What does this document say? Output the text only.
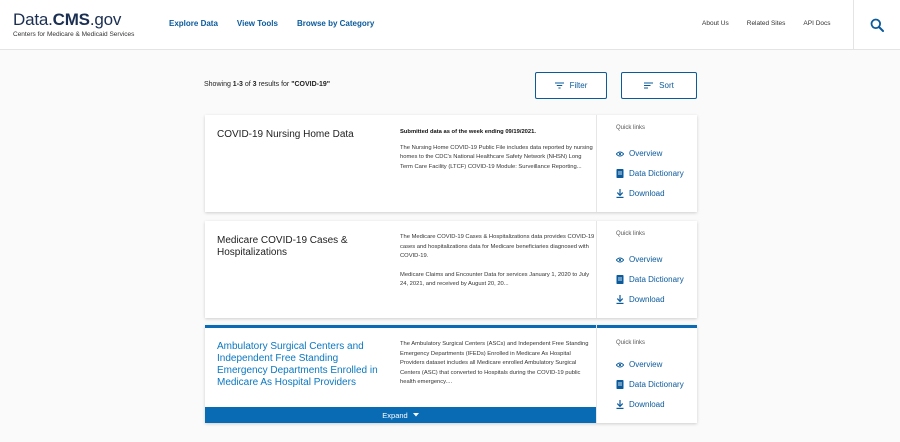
Data.CMS.gov
Centers for Medicare & Medicaid Services
Explore Data View Tools Browse by Category	About Us	Related Sites	API Docs
Showing 1-3 of 3 results for "COVID-19"	Filter	Sort
COVID-19 Nursing Home Data	Submitted data as of the week ending 09/19/2021.

The Nursing Home COVID-19 Public File includes data reported by nursing homes to the CDC's National Healthcare Safety Network (NHSN) Long Term Care Facility (LTCF) COVID-19 Module: Surveillance Reporting...

Quick links
Overview
Data Dictionary
Download
Medicare COVID-19 Cases & Hospitalizations

The Medicare COVID-19 Cases & Hospitalizations data provides COVID-19 cases and hospitalizations data for Medicare beneficiaries diagnosed with COVID-19.

Medicare Claims and Encounter Data for services January 1, 2020 to July 24, 2021, and received by August 20, 20...

Quick links
Overview
Data Dictionary
Download
Ambulatory Surgical Centers and Independent Free Standing Emergency Departments Enrolled in Medicare As Hospital Providers

The Ambulatory Surgical Centers (ASCs) and Independent Free Standing Emergency Departments (IFEDs) Enrolled in Medicare As Hospital Providers dataset includes all Medicare enrolled Ambulatory Surgical Centers (ASC) that converted to Hospitals during the COVID-19 public health emergency....

Quick links
Overview
Data Dictionary
Download
Expand
